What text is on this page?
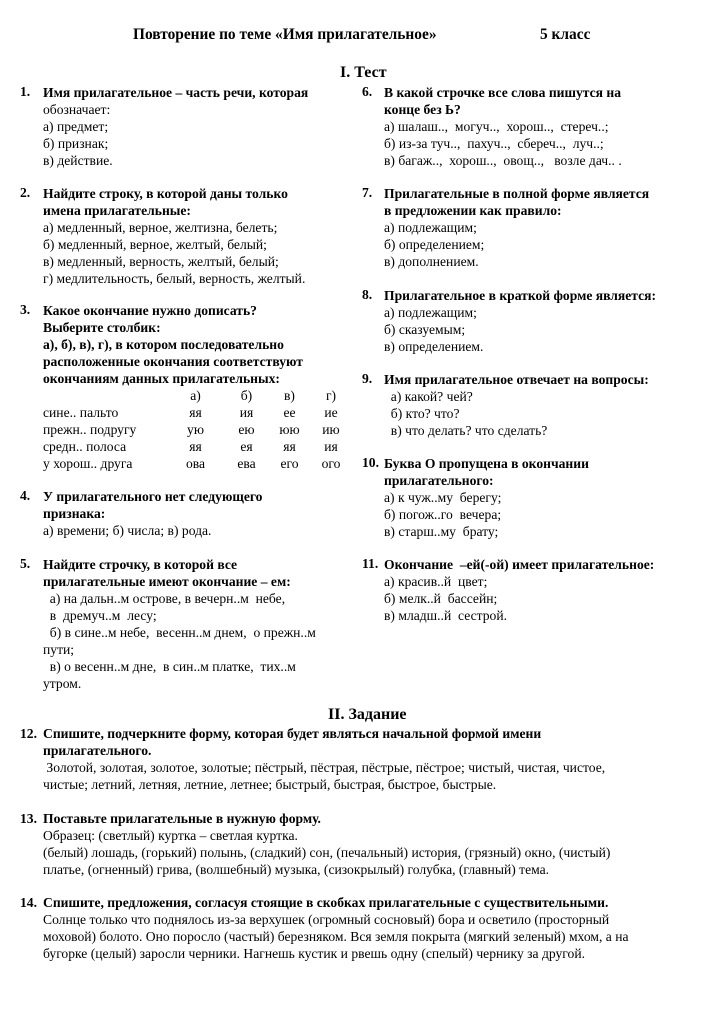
Повторение по теме «Имя прилагательное»	5 класс
I. Тест
1. Имя прилагательное – часть речи, которая
обозначает:
а) предмет;
б) признак;
в) действие.
2. Найдите строку, в которой даны только
имена прилагательные:
а) медленный, верное, желтизна, белеть;
б) медленный, верное, желтый, белый;
в) медленный, верность, желтый, белый;
г) медлительность, белый, верность, желтый.
3. Какое окончание нужно дописать?
Выберите столбик:
а), б), в), г), в котором последовательно
расположенные окончания соответствуют
окончаниям данных прилагательных:
	а)	б)	в)	г)
сине.. пальто	яя	ия	ее	ие
прежн.. подругу	ую	ею	юю	ию
средн.. полоса	яя	ея	яя	ия
у хорош.. друга	ова	ева	его	ого
4. У прилагательного нет следующего
признака:
а) времени; б) числа; в) рода.
5. Найдите строчку, в которой все
прилагательные имеют окончание – ем:
а) на дальн..м острове, в вечерн..м  небе,
в  дремуч..м  лесу;
б) в сине..м небе,  весенн..м днем,  о прежн..м
пути;
в) о весенн..м дне,  в син..м платке,  тих..м
утром.
6. В какой строчке все слова пишутся на
конце без Ь?
а) шалаш..,  могуч..,  хорош..,  стереч..;
б) из-за туч..,  пахуч..,  сбереч..,  луч..;
в) багаж..,  хорош..,  овощ..,   возле дач.. .
7. Прилагательные в полной форме является
в предложении как правило:
а) подлежащим;
б) определением;
в) дополнением.
8. Прилагательное в краткой форме является:
а) подлежащим;
б) сказуемым;
в) определением.
9. Имя прилагательное отвечает на вопросы:
а) какой? чей?
б) кто? что?
в) что делать? что сделать?
10. Буква О пропущена в окончании
прилагательного:
а) к чуж..му  берегу;
б) погож..го  вечера;
в) старш..му  брату;
11. Окончание  –ей(-ой) имеет прилагательное:
а) красив..й  цвет;
б) мелк..й  бассейн;
в) младш..й  сестрой.
II. Задание
12. Спишите, подчеркните форму, которая будет являться начальной формой имени
прилагательного.
Золотой, золотая, золотое, золотые; пёстрый, пёстрая, пёстрые, пёстрое; чистый, чистая, чистое,
чистые; летний, летняя, летние, летнее; быстрый, быстрая, быстрое, быстрые.
13. Поставьте прилагательные в нужную форму.
Образец: (светлый) куртка – светлая куртка.
(белый) лошадь, (горький) полынь, (сладкий) сон, (печальный) история, (грязный) окно, (чистый)
платье, (огненный) грива, (волшебный) музыка, (сизокрылый) голубка, (главный) тема.
14. Спишите, предложения, согласуя стоящие в скобках прилагательные с существительными.
Солнце только что поднялось из-за верхушек (огромный сосновый) бора и осветило (просторный
моховой) болото. Оно поросло (частый) березняком. Вся земля покрыта (мягкий зеленый) мхом, а на
бугорке (целый) заросли черники. Нагнешь кустик и рвешь одну (спелый) чернику за другой.
